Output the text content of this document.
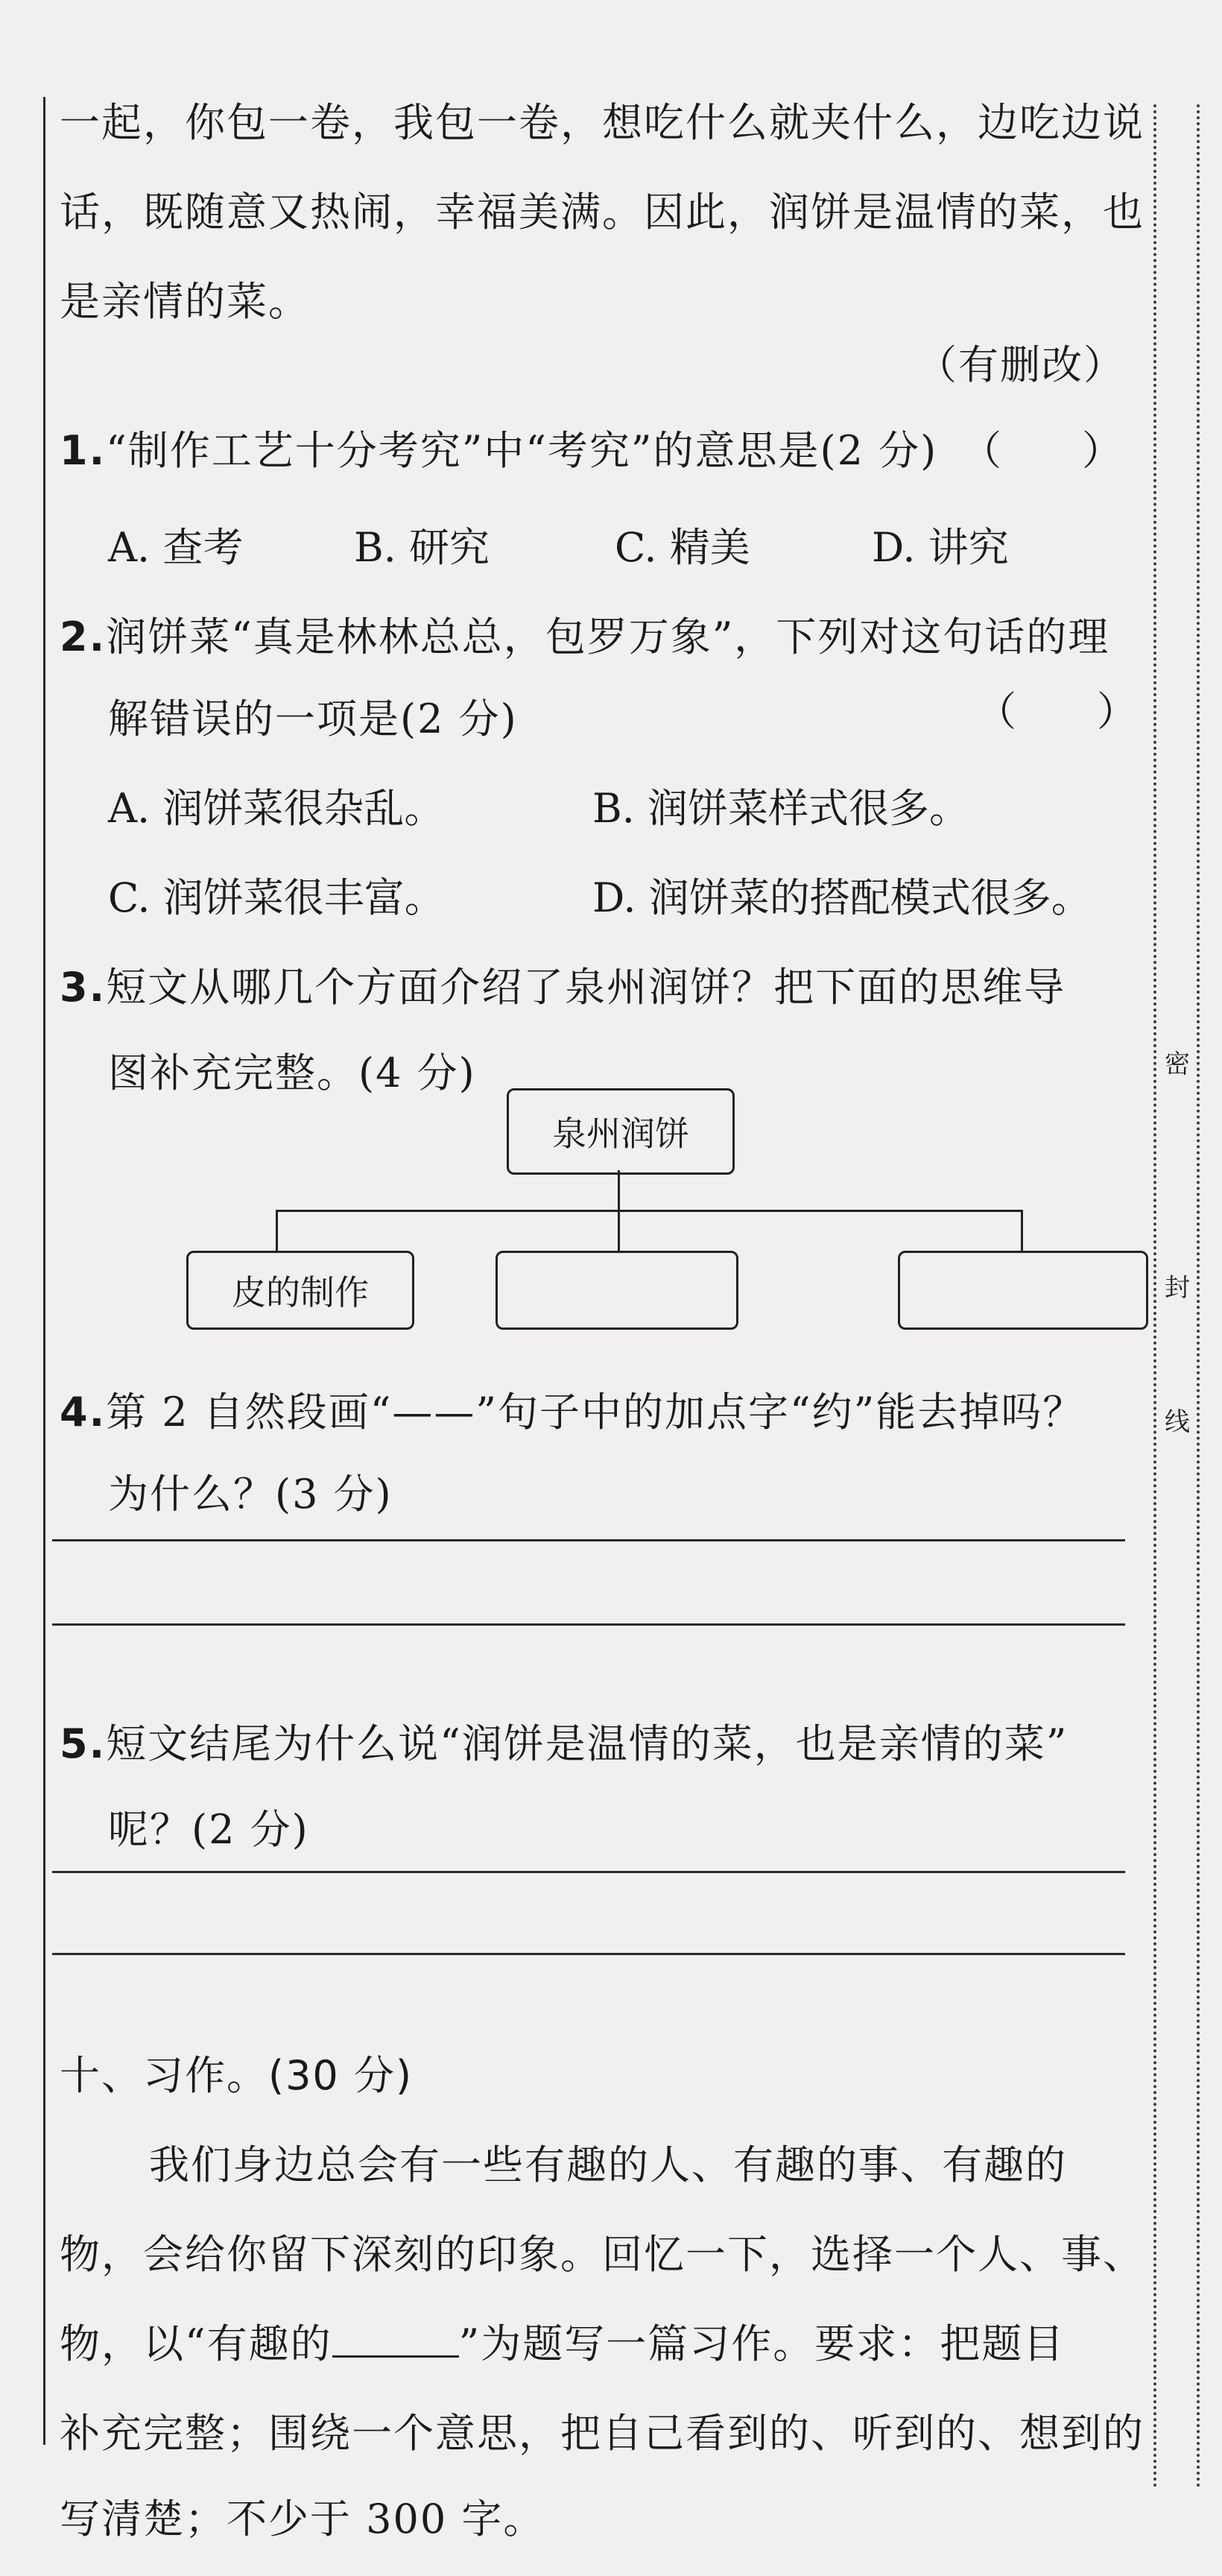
密
封
线
一起，你包一卷，我包一卷，想吃什么就夹什么，边吃边说
话，既随意又热闹，幸福美满。因此，润饼是温情的菜，也
是亲情的菜。
（有删改）
1.“制作工艺十分考究”中“考究”的意思是(2 分) （　　）
A. 查考	B. 研究	C. 精美	D. 讲究
2.润饼菜“真是林林总总，包罗万象”，下列对这句话的理
解错误的一项是(2 分)	（　　）
A. 润饼菜很杂乱。	B. 润饼菜样式很多。
C. 润饼菜很丰富。	D. 润饼菜的搭配模式很多。
3.短文从哪几个方面介绍了泉州润饼？把下面的思维导
图补充完整。(4 分)
泉州润饼
皮的制作
4.第 2 自然段画“——”句子中的加点字“约”能去掉吗？
为什么？(3 分)
5.短文结尾为什么说“润饼是温情的菜，也是亲情的菜”
呢？(2 分)
十、习作。(30 分)
我们身边总会有一些有趣的人、有趣的事、有趣的
物，会给你留下深刻的印象。回忆一下，选择一个人、事、
物，以“有趣的	”为题写一篇习作。要求：把题目
补充完整；围绕一个意思，把自己看到的、听到的、想到的
写清楚；不少于 300 字。
